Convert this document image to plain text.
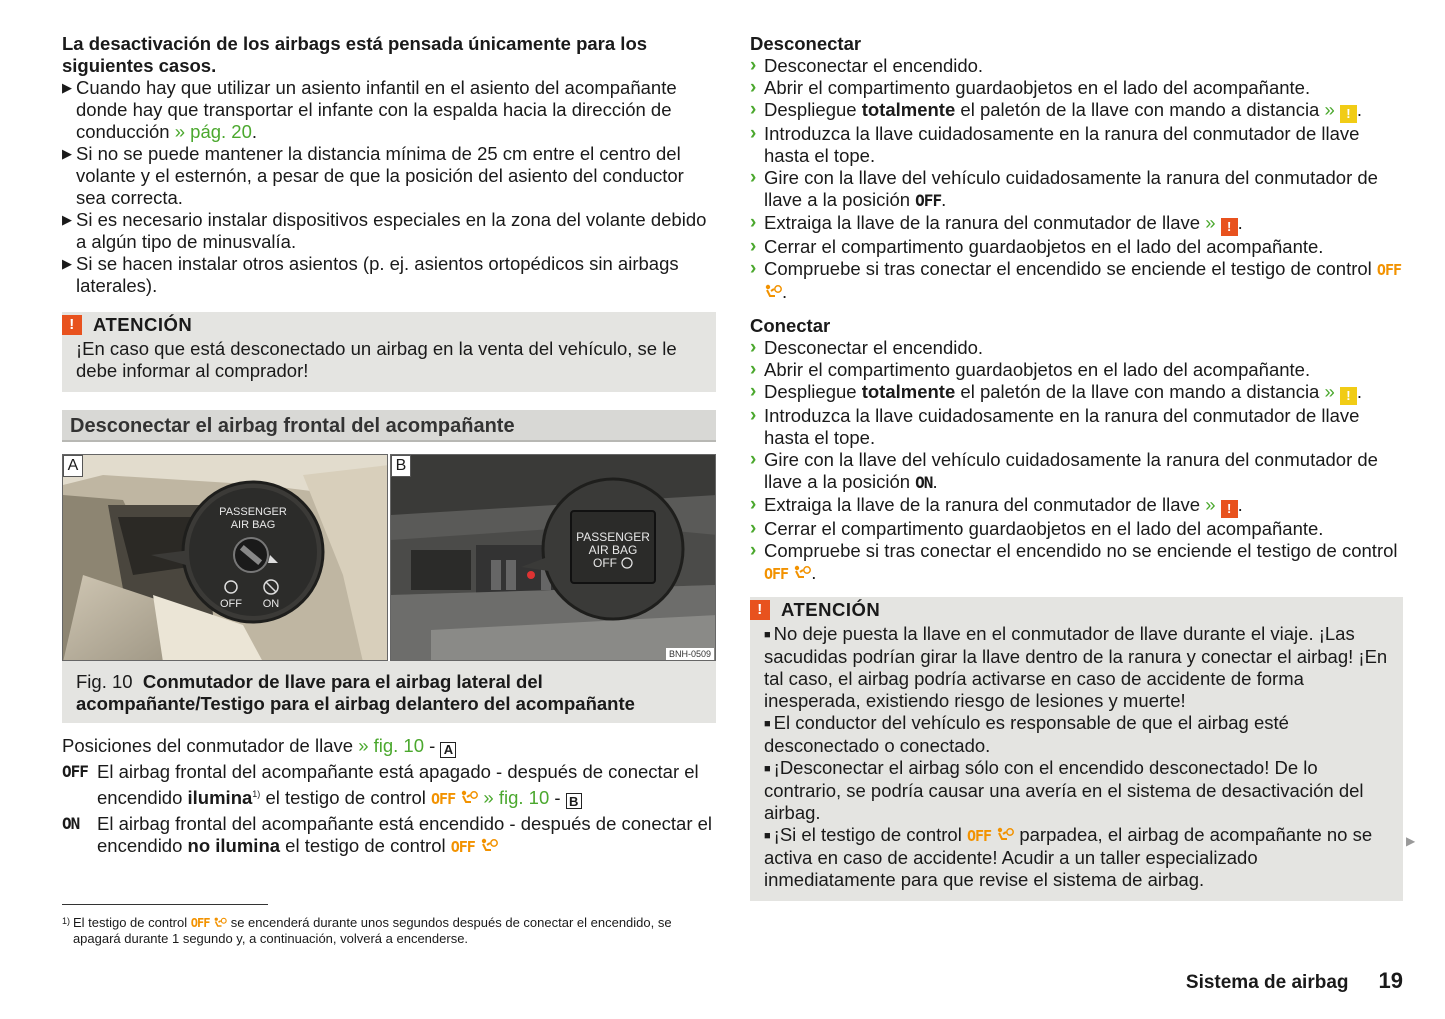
La desactivación de los airbags está pensada únicamente para los siguientes casos.

▶ Cuando hay que utilizar un asiento infantil en el asiento del acompañante donde hay que transportar el infante con la espalda hacia la dirección de conducción » pág. 20.
▶ Si no se puede mantener la distancia mínima de 25 cm entre el centro del volante y el esternón, a pesar de que la posición del asiento del conductor sea correcta.
▶ Si es necesario instalar dispositivos especiales en la zona del volante debido a algún tipo de minusvalía.
▶ Si se hacen instalar otros asientos (p. ej. asientos ortopédicos sin airbags laterales).
! ATENCIÓN
¡En caso que está desconectado un airbag en la venta del vehículo, se le debe informar al comprador!
Desconectar el airbag frontal del acompañante
A
PASSENGER
AIR BAG
OFF ON
B
PASSENGER
AIR BAG
OFF
BNH-0509
Fig. 10 Conmutador de llave para el airbag lateral del acompañante/Testigo para el airbag delantero del acompañante
Posiciones del conmutador de llave » fig. 10 - A
OFF El airbag frontal del acompañante está apagado - después de conectar el encendido ilumina$^{1)}$ el testigo de control OFF » fig. 10 - B
ON El airbag frontal del acompañante está encendido - después de conectar el encendido no ilumina el testigo de control OFF
1) El testigo de control OFF se encenderá durante unos segundos después de conectar el encendido, se apagará durante 1 segundo y, a continuación, volverá a encenderse.
Desconectar
› Desconectar el encendido.
› Abrir el compartimento guardaobjetos en el lado del acompañante.
› Despliegue totalmente el paletón de la llave con mando a distancia » ! .
› Introduzca la llave cuidadosamente en la ranura del conmutador de llave hasta el tope.
› Gire con la llave del vehículo cuidadosamente la ranura del conmutador de llave a la posición OFF.
› Extraiga la llave de la ranura del conmutador de llave » ! .
› Cerrar el compartimento guardaobjetos en el lado del acompañante.
› Compruebe si tras conectar el encendido se enciende el testigo de control OFF
.
Conectar
› Desconectar el encendido.
› Abrir el compartimento guardaobjetos en el lado del acompañante.
› Despliegue totalmente el paletón de la llave con mando a distancia » ! .
› Introduzca la llave cuidadosamente en la ranura del conmutador de llave hasta el tope.
› Gire con la llave del vehículo cuidadosamente la ranura del conmutador de llave a la posición ON.
› Extraiga la llave de la ranura del conmutador de llave » ! .
› Cerrar el compartimento guardaobjetos en el lado del acompañante.
› Compruebe si tras conectar el encendido no se enciende el testigo de control
OFF .
! ATENCIÓN
■ No deje puesta la llave en el conmutador de llave durante el viaje. ¡Las sacudidas podrían girar la llave dentro de la ranura y conectar el airbag! ¡En tal caso, el airbag podría activarse en caso de accidente de forma inesperada, existiendo riesgo de lesiones y muerte!
■ El conductor del vehículo es responsable de que el airbag esté desconectado o conectado.
■ ¡Desconectar el airbag sólo con el encendido desconectado! De lo contrario, se podría causar una avería en el sistema de desactivación del airbag.
■ ¡Si el testigo de control OFF parpadea, el airbag de acompañante no se activa en caso de accidente! Acudir a un taller especializado inmediatamente para que revise el sistema de airbag.
▶
Sistema de airbag 19
